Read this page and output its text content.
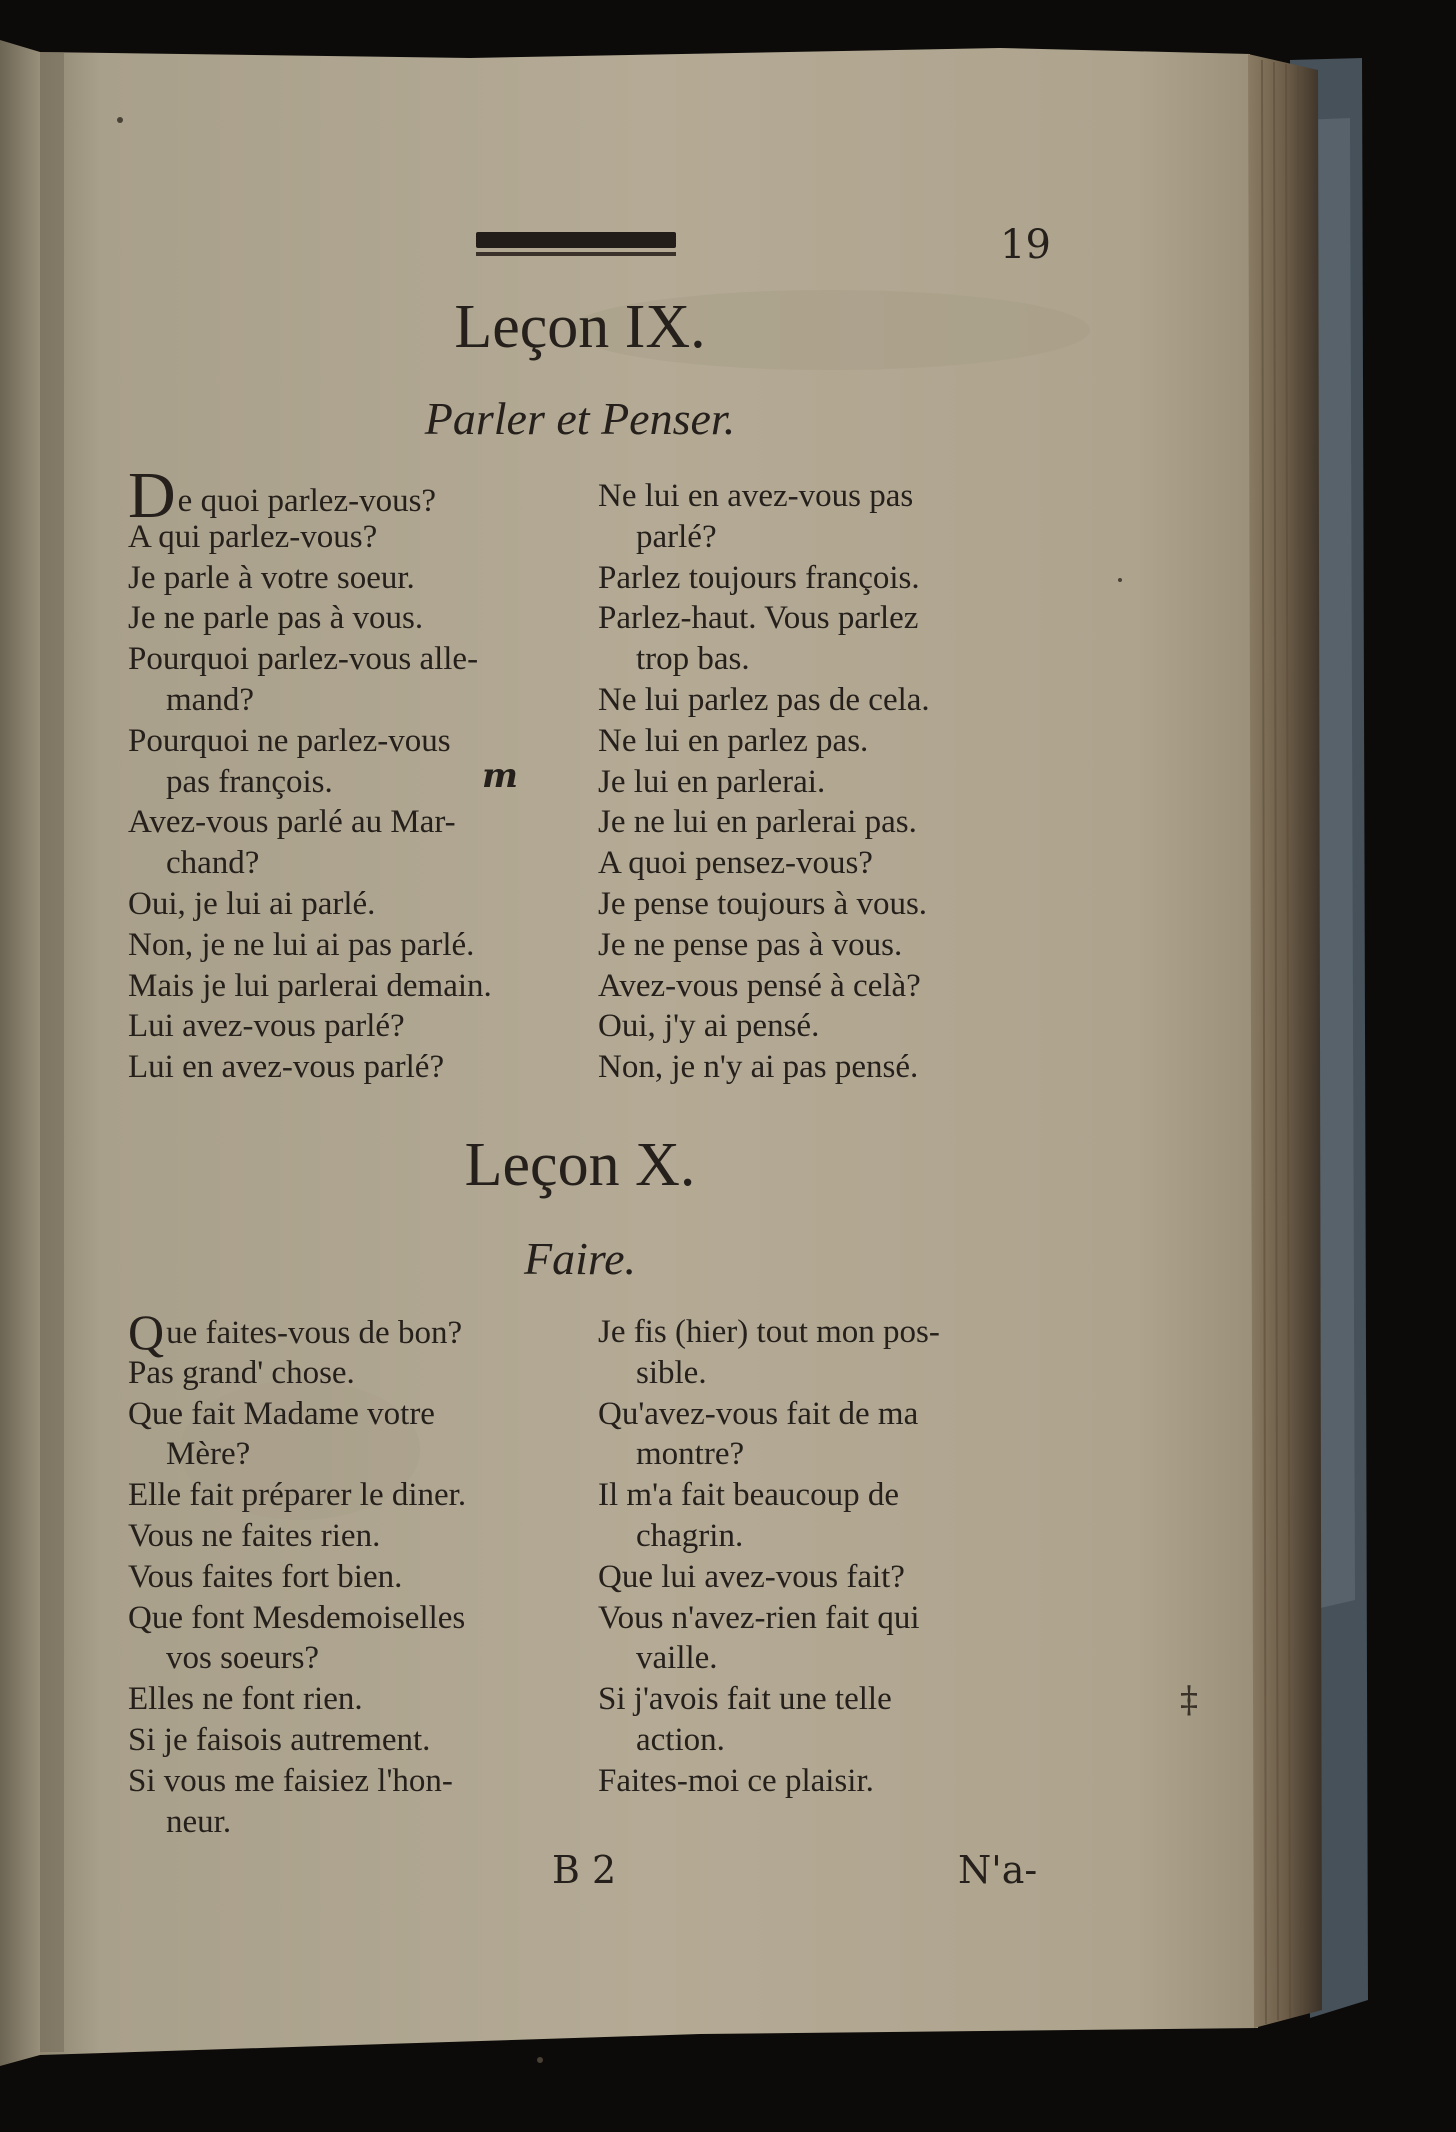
19
Leçon IX.
Parler et Penser.
De quoi parlez-vous?
A qui parlez-vous?
Je parle à votre soeur.
Je ne parle pas à vous.
Pourquoi parlez-vous alle-
mand?
Pourquoi ne parlez-vous
pas françois.
Avez-vous parlé au Mar-
chand?
Oui, je lui ai parlé.
Non, je ne lui ai pas parlé.
Mais je lui parlerai demain.
Lui avez-vous parlé?
Lui en avez-vous parlé?
m
Ne lui en avez-vous pas
parlé?
Parlez toujours françois.
Parlez-haut. Vous parlez
trop bas.
Ne lui parlez pas de cela.
Ne lui en parlez pas.
Je lui en parlerai.
Je ne lui en parlerai pas.
A quoi pensez-vous?
Je pense toujours à vous.
Je ne pense pas à vous.
Avez-vous pensé à celà?
Oui, j'y ai pensé.
Non, je n'y ai pas pensé.
Leçon X.
Faire.
Que faites-vous de bon?
Pas grand' chose.
Que fait Madame votre
Mère?
Elle fait préparer le diner.
Vous ne faites rien.
Vous faites fort bien.
Que font Mesdemoiselles
vos soeurs?
Elles ne font rien.
Si je faisois autrement.
Si vous me faisiez l'hon-
neur.
Je fis (hier) tout mon pos-
sible.
Qu'avez-vous fait de ma
montre?
Il m'a fait beaucoup de
chagrin.
Que lui avez-vous fait?
Vous n'avez-rien fait qui
vaille.
Si j'avois fait une telle
action.
Faites-moi ce plaisir.
B 2	N'a-
‡
